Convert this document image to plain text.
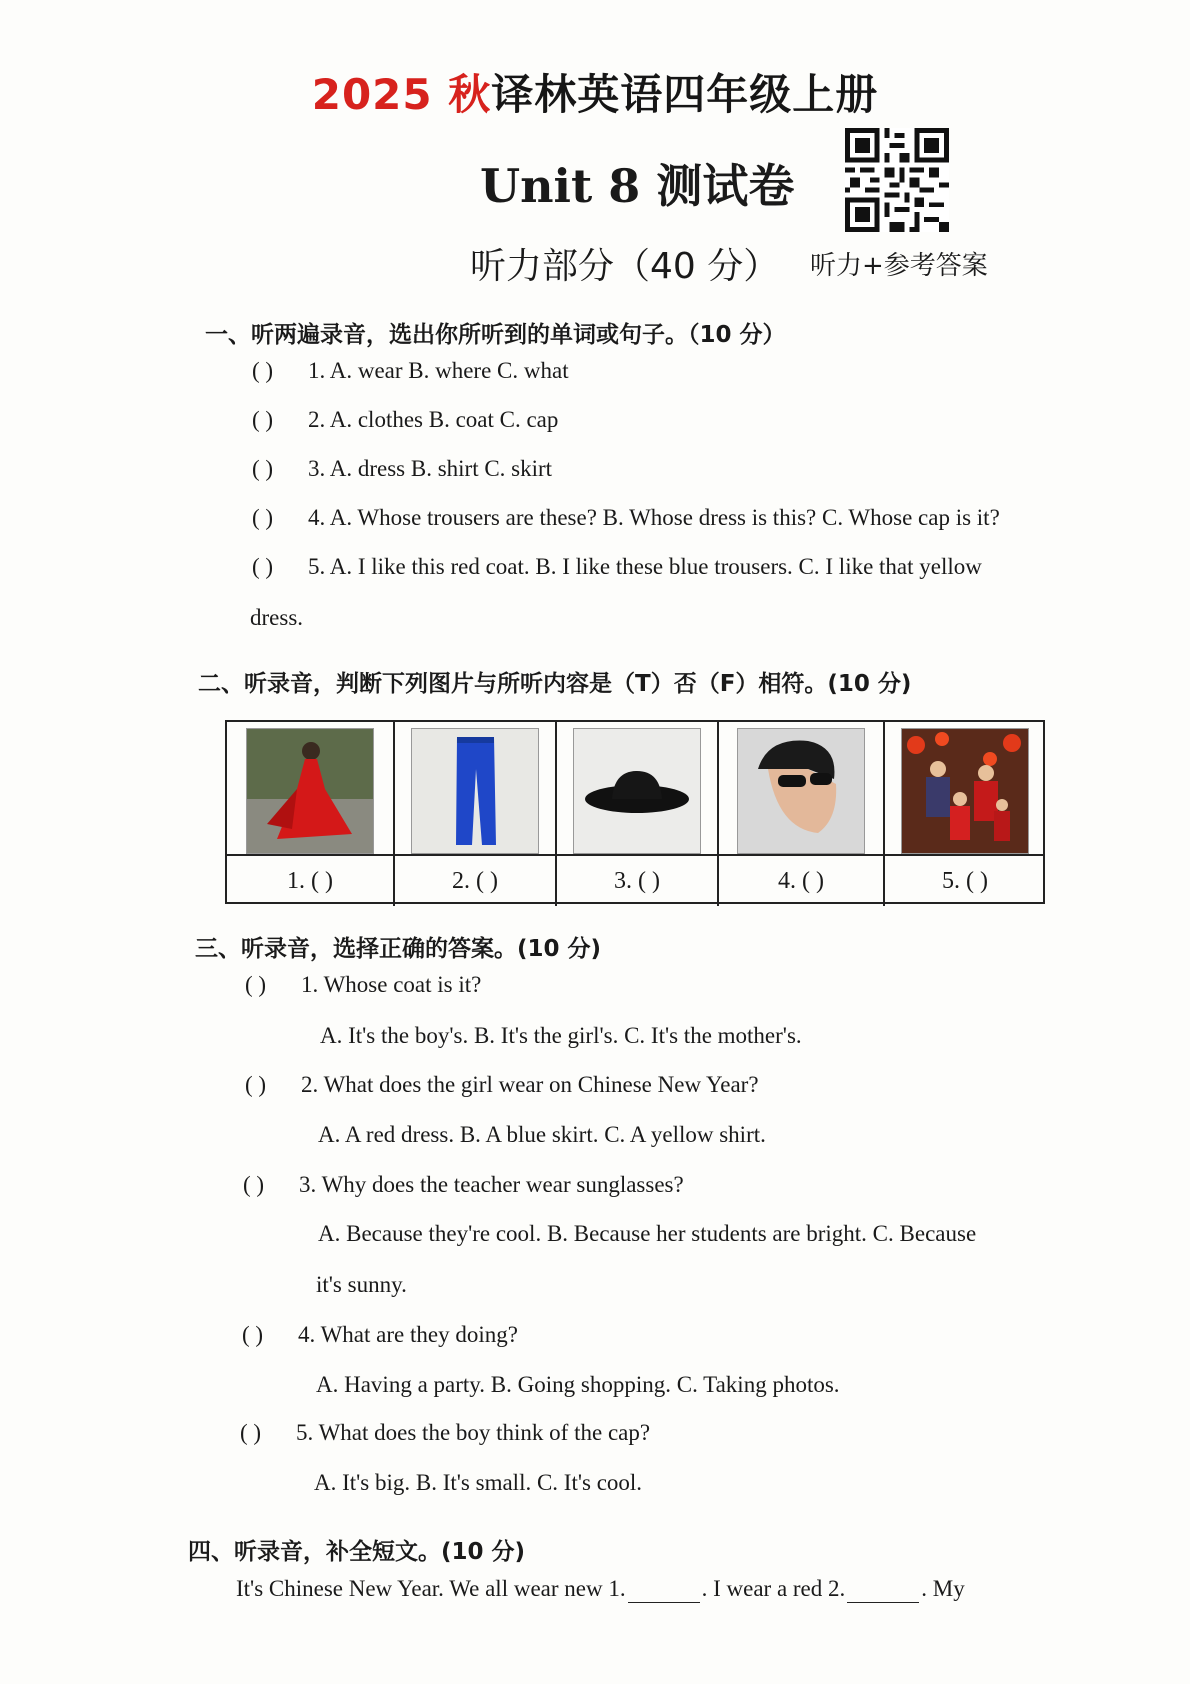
2025 秋译林英语四年级上册
Unit 8 测试卷
听力部分（40 分） 听力+参考答案
一、听两遍录音，选出你所听到的单词或句子。（10 分）
( ) 1. A. wear B. where C. what
( ) 2. A. clothes B. coat C. cap
( ) 3. A. dress B. shirt C. skirt
( ) 4. A. Whose trousers are these? B. Whose dress is this? C. Whose cap is it?
( ) 5. A. I like this red coat. B. I like these blue trousers. C. I like that yellow
dress.
二、听录音，判断下列图片与所听内容是（T）否（F）相符。(10 分)
1. ( )	2. ( )	3. ( )	4. ( )	5. ( )
三、听录音，选择正确的答案。(10 分)
( ) 1. Whose coat is it?
A. It's the boy's. B. It's the girl's. C. It's the mother's.
( ) 2. What does the girl wear on Chinese New Year?
A. A red dress. B. A blue skirt. C. A yellow shirt.
( ) 3. Why does the teacher wear sunglasses?
A. Because they're cool. B. Because her students are bright. C. Because
it's sunny.
( ) 4. What are they doing?
A. Having a party. B. Going shopping. C. Taking photos.
( ) 5. What does the boy think of the cap?
A. It's big. B. It's small. C. It's cool.
四、听录音，补全短文。(10 分)
It's Chinese New Year. We all wear new 1.	. I wear a red 2.	. My
